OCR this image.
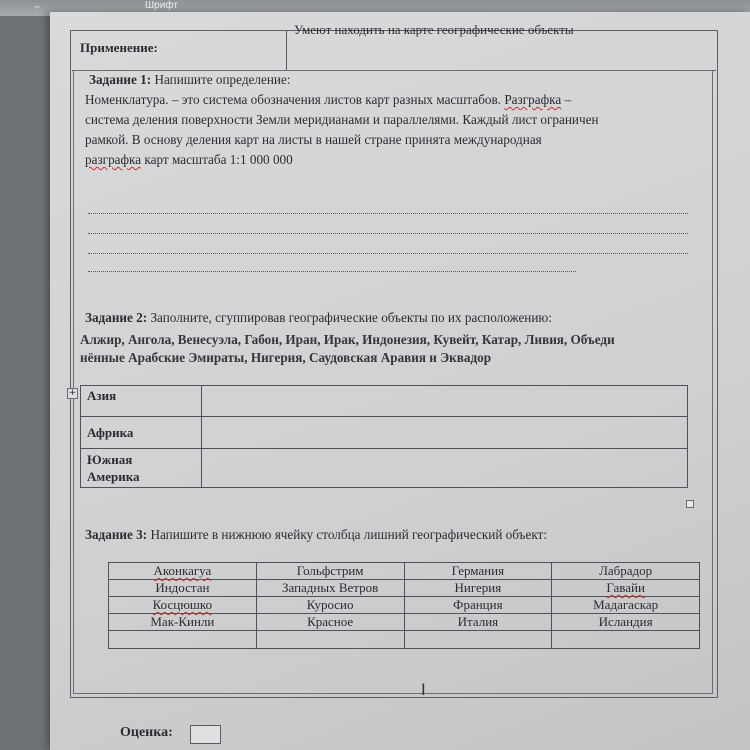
⌐	Шрифт
Применение:
Умеют находить на карте географические объекты
Задание 1: Напишите определение:
Номенклатура. – это система обозначения листов карт разных масштабов. Разграфка –
система деления поверхности Земли меридианами и параллелями. Каждый лист ограничен
рамкой. В основу деления карт на листы в нашей стране принята международная
разграфка карт масштаба 1:1 000 000
Задание 2: Заполните, сгуппировав географические объекты по их расположению:
Алжир, Ангола, Венесуэла, Габон, Иран, Ирак, Индонезия, Кувейт, Катар, Ливия, Объеди
нённые Арабские Эмираты, Нигерия, Саудовская Аравия и Эквадор
+ Азия	
Африка	

Южная
Америка	

Задание 3: Напишите в нижнюю ячейку столбца лишний географический объект:
Аконкагуа	Гольфстрим	Германия	Лабрадор
Индостан	Западных Ветров	Нигерия	Гавайи
Косцюшко	Куросио	Франция	Мадагаскар
Мак-Кинли	Красное	Италия	Исландия

I
Оценка:
